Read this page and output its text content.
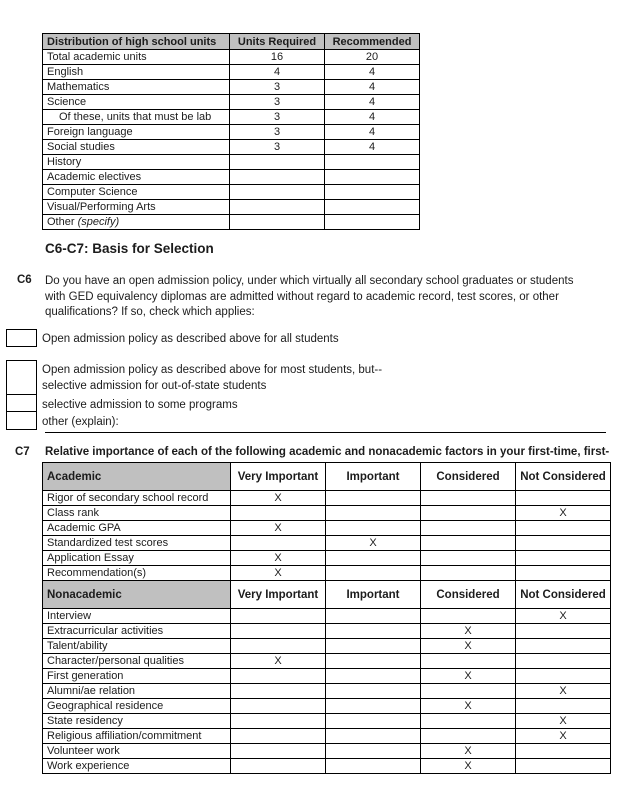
Distribution of high school units	Units Required	Recommended
Total academic units	16	20
English	4	4
Mathematics	3	4
Science	3	4
Of these, units that must be lab	3	4
Foreign language	3	4
Social studies	3	4
History		
Academic electives		
Computer Science		
Visual/Performing Arts		
Other (specify)		
C6-C7: Basis for Selection
C6 Do you have an open admission policy, under which virtually all secondary school graduates or students with GED equivalency diplomas are admitted without regard to academic record, test scores, or other qualifications? If so, check which applies:
Open admission policy as described above for all students
Open admission policy as described above for most students, but--
selective admission for out-of-state students
selective admission to some programs
other (explain):
C7 Relative importance of each of the following academic and nonacademic factors in your first-time, first-
Academic	Very Important	Important	Considered	Not Considered
Rigor of secondary school record	X			
Class rank				X
Academic GPA	X			
Standardized test scores		X		
Application Essay	X			
Recommendation(s)	X			
Nonacademic	Very Important	Important	Considered	Not Considered
Interview				X
Extracurricular activities			X	
Talent/ability			X	
Character/personal qualities	X			
First generation			X	
Alumni/ae relation				X
Geographical residence			X	
State residency				X
Religious affiliation/commitment				X
Volunteer work			X	
Work experience			X	
